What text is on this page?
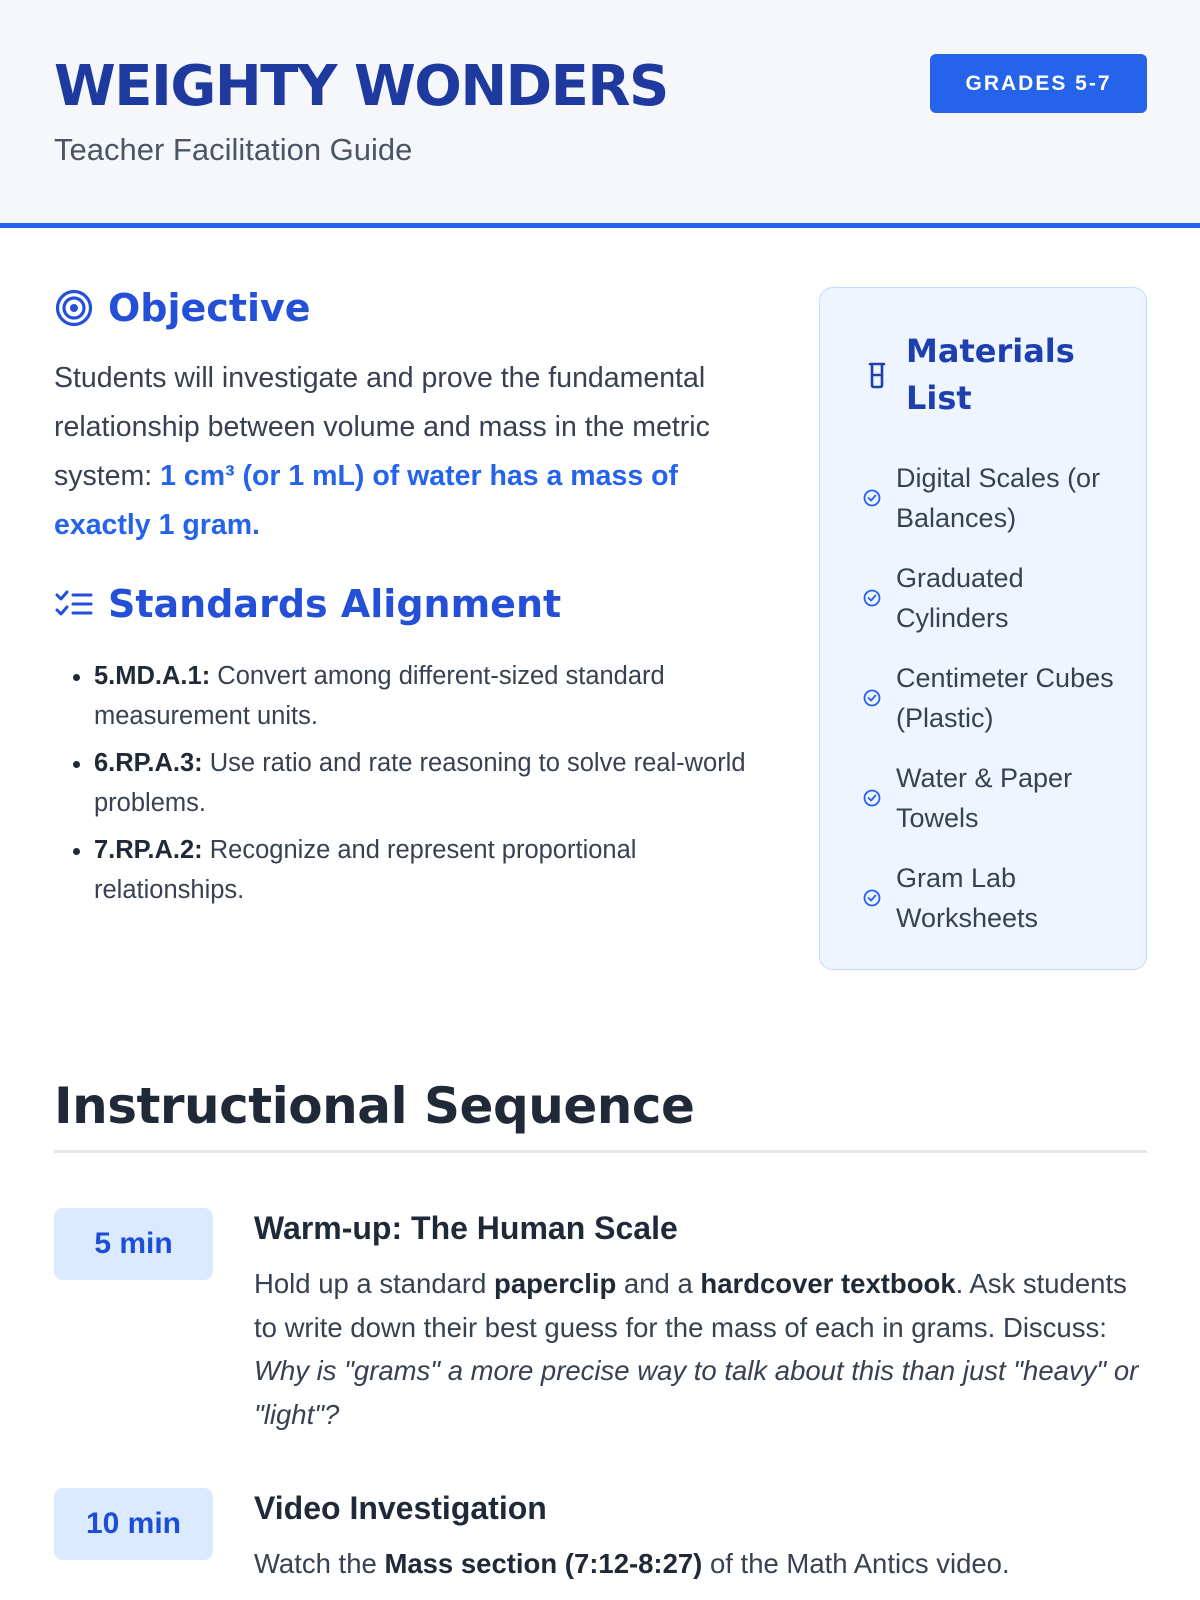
WEIGHTY WONDERS
Teacher Facilitation Guide
GRADES 5-7
Objective
Students will investigate and prove the fundamental relationship between volume and mass in the metric system: 1 cm³ (or 1 mL) of water has a mass of exactly 1 gram.
Standards Alignment
• 5.MD.A.1: Convert among different-sized standard measurement units.
• 6.RP.A.3: Use ratio and rate reasoning to solve real-world problems.
• 7.RP.A.2: Recognize and represent proportional relationships.
Materials List
Digital Scales (or Balances)
Graduated Cylinders
Centimeter Cubes (Plastic)
Water & Paper Towels
Gram Lab Worksheets
Instructional Sequence
5 min	Warm-up: The Human Scale
Hold up a standard paperclip and a hardcover textbook. Ask students to write down their best guess for the mass of each in grams. Discuss: Why is "grams" a more precise way to talk about this than just "heavy" or "light"?
10 min	Video Investigation
Watch the Mass section (7:12-8:27) of the Math Antics video.
